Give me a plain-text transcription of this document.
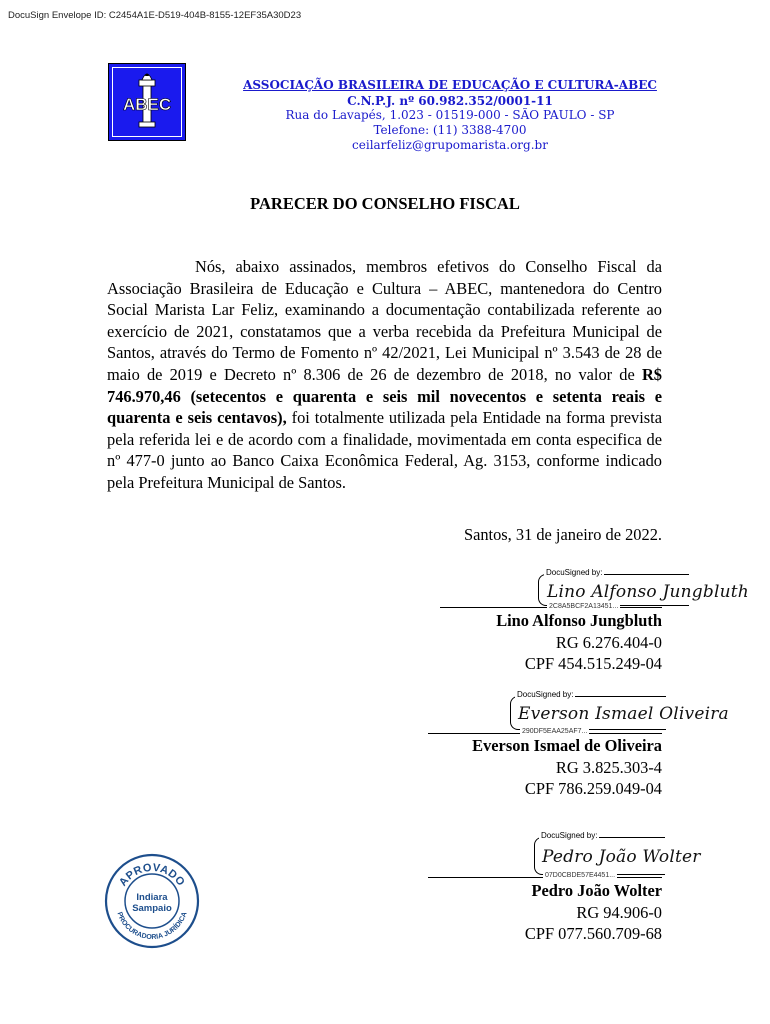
DocuSign Envelope ID: C2454A1E-D519-404B-8155-12EF35A30D23
ABEC
ASSOCIAÇÃO BRASILEIRA DE EDUCAÇÃO E CULTURA-ABEC
C.N.P.J. nº 60.982.352/0001-11
Rua do Lavapés, 1.023 - 01519-000 - SÃO PAULO - SP
Telefone: (11) 3388-4700
ceilarfeliz@grupomarista.org.br
PARECER DO CONSELHO FISCAL

Nós, abaixo assinados, membros efetivos do Conselho Fiscal da Associação Brasileira de Educação e Cultura – ABEC, mantenedora do Centro Social Marista Lar Feliz, examinando a documentação contabilizada referente ao exercício de 2021, constatamos que a verba recebida da Prefeitura Municipal de Santos, através do Termo de Fomento nº 42/2021, Lei Municipal nº 3.543 de 28 de maio de 2019 e Decreto nº 8.306 de 26 de dezembro de 2018, no valor de R$ 746.970,46 (setecentos e quarenta e seis mil novecentos e setenta reais e quarenta e seis centavos), foi totalmente utilizada pela Entidade na forma prevista pela referida lei e de acordo com a finalidade, movimentada em conta especifica de nº 477-0 junto ao Banco Caixa Econômica Federal, Ag. 3153, conforme indicado pela Prefeitura Municipal de Santos.

Santos, 31 de janeiro de 2022.
DocuSigned by:
Lino Alfonso Jungbluth
2C8A5BCF2A13451...
Lino Alfonso Jungbluth
RG 6.276.404-0
CPF 454.515.249-04
DocuSigned by:
Everson Ismael Oliveira
290DF5EAA25AF7...
Everson Ismael de Oliveira
RG 3.825.303-4
CPF 786.259.049-04
DocuSigned by:
Pedro João Wolter
07D0CBDE57E4451...
Pedro João Wolter
RG 94.906-0
CPF 077.560.709-68
APROVADO
PROCURADORIA JURÍDICA
Indiara
Sampaio
